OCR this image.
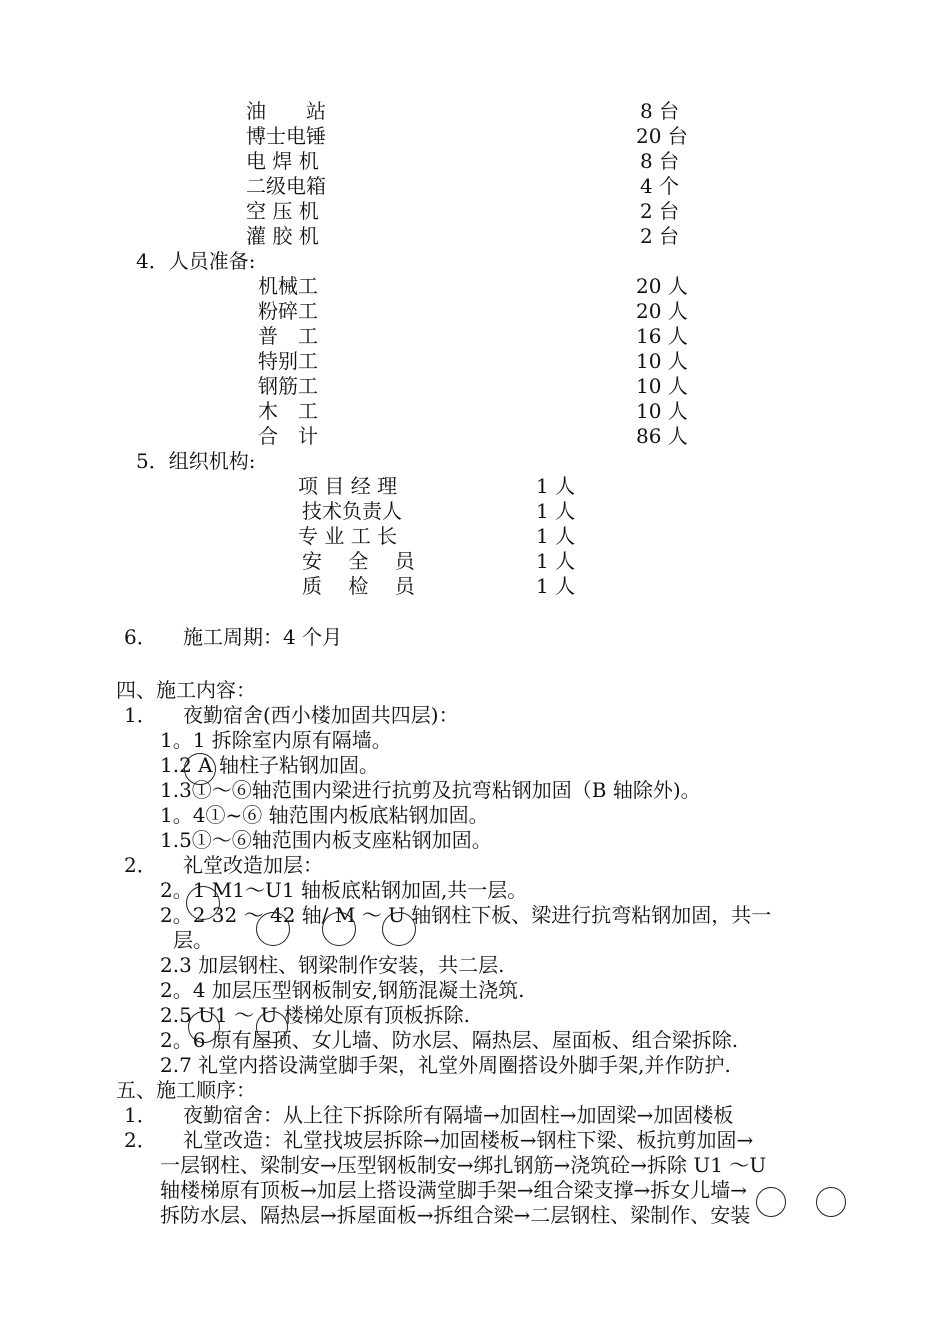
油　　站	8 台
博士电锤	20 台
电 焊 机	8 台
二级电箱	4 个
空 压 机	2 台
灌 胶 机	2 台
4．人员准备:
机械工	20 人
粉碎工	20 人
普　工	16 人
特别工	10 人
钢筋工	10 人
木　工	10 人
合　计	86 人
5．组织机构:
项 目 经 理	1 人
技术负责人	1 人
专 业 工 长	1 人
安　 全　 员	1 人
质　 检　 员	1 人
6． 施工周期：4 个月
四、施工内容：
1． 夜勤宿舍(西小楼加固共四层)：
1。1 拆除室内原有隔墙。
1.2 A 轴柱子粘钢加固。
1.3①～⑥轴范围内梁进行抗剪及抗弯粘钢加固（B 轴除外)。
1。4①~⑥ 轴范围内板底粘钢加固。
1.5①～⑥轴范围内板支座粘钢加固。
2． 礼堂改造加层：
2。1 M1～U1 轴板底粘钢加固,共一层。
2。2 32 ～ 42 轴/ M ～ U 轴钢柱下板、梁进行抗弯粘钢加固，共一
层。
2.3 加层钢柱、钢梁制作安装，共二层.
2。4 加层压型钢板制安,钢筋混凝土浇筑.
2.5 U1 ～ U 楼梯处原有顶板拆除.
2。6 原有屋顶、女儿墙、防水层、隔热层、屋面板、组合梁拆除.
2.7 礼堂内搭设满堂脚手架，礼堂外周圈搭设外脚手架,并作防护.
五、施工顺序：
1． 夜勤宿舍：从上往下拆除所有隔墙→加固柱→加固梁→加固楼板
2． 礼堂改造：礼堂找坡层拆除→加固楼板→钢柱下梁、板抗剪加固→
一层钢柱、梁制安→压型钢板制安→绑扎钢筋→浇筑砼→拆除 U1 ～U
轴楼梯原有顶板→加层上搭设满堂脚手架→组合梁支撑→拆女儿墙→
拆防水层、隔热层→拆屋面板→拆组合梁→二层钢柱、梁制作、安装
